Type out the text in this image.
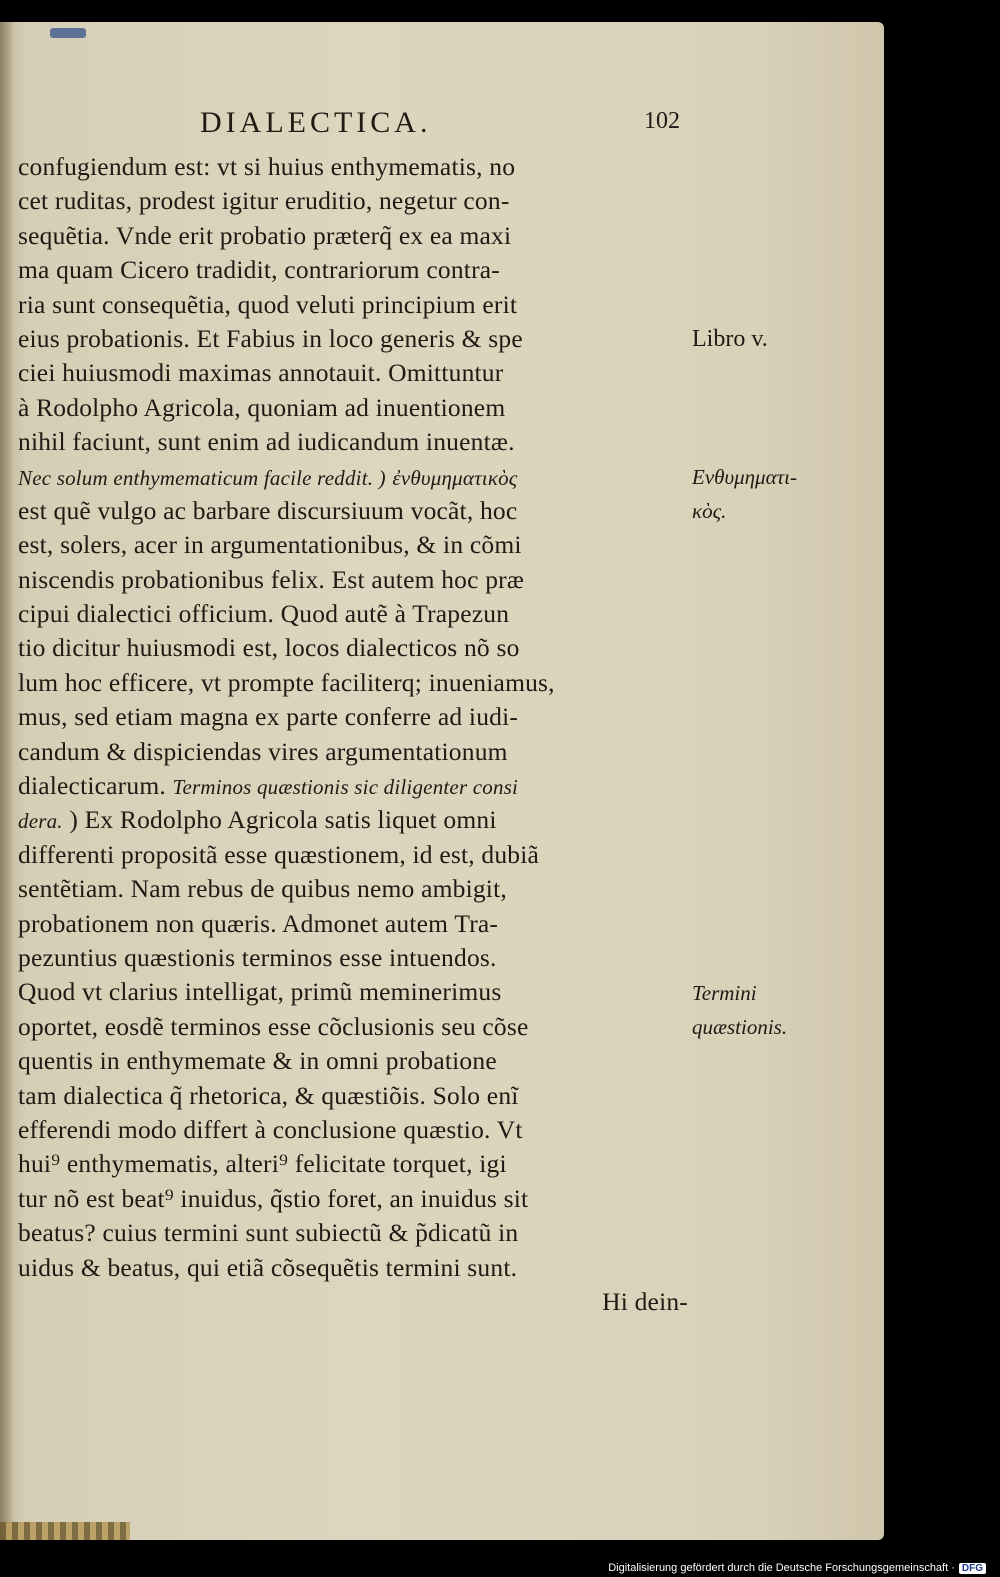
DIALECTICA.	102
confugiendum est: vt si huius enthymematis, no
cet ruditas, prodest igitur eruditio, negetur con-
sequẽtia. Vnde erit probatio præterq̃ ex ea maxi
ma quam Cicero tradidit, contrariorum contra-
ria sunt consequẽtia, quod veluti principium erit
eius probationis. Et Fabius in loco generis & spe
ciei huiusmodi maximas annotauit. Omittuntur
à Rodolpho Agricola, quoniam ad inuentionem
nihil faciunt, sunt enim ad iudicandum inuentæ.
Nec solum enthymematicum facile reddit. ) ἐνθυμηματικὸς
est quẽ vulgo ac barbare discursiuum vocãt, hoc
est, solers, acer in argumentationibus, & in cõmi
niscendis probationibus felix. Est autem hoc præ
cipui dialectici officium. Quod autẽ à Trapezun
tio dicitur huiusmodi est, locos dialecticos nõ so
lum hoc efficere, vt prompte faciliterq; inueniamus,
mus, sed etiam magna ex parte conferre ad iudi-
candum & dispiciendas vires argumentationum
dialecticarum. Terminos quæstionis sic diligenter consi
dera. ) Ex Rodolpho Agricola satis liquet omni
differenti propositã esse quæstionem, id est, dubiã
sentẽtiam. Nam rebus de quibus nemo ambigit,
probationem non quæris. Admonet autem Tra-
pezuntius quæstionis terminos esse intuendos.
Quod vt clarius intelligat, primũ meminerimus
oportet, eosdẽ terminos esse cõclusionis seu cõse
quentis in enthymemate & in omni probatione
tam dialectica q̃ rhetorica, & quæstiõis. Solo enĩ
efferendi modo differt à conclusione quæstio. Vt
hui⁹ enthymematis, alteri⁹ felicitate torquet, igi
tur nõ est beat⁹ inuidus, q̃stio foret, an inuidus sit
beatus? cuius termini sunt subiectũ & p̃dicatũ in
uidus & beatus, qui etiã cõsequẽtis termini sunt.
Hi dein-
Libro v.
Ενθυμηματι-
κὸς.
Termini
quæstionis.
Digitalisierung gefördert durch die Deutsche Forschungsgemeinschaft · DFG
